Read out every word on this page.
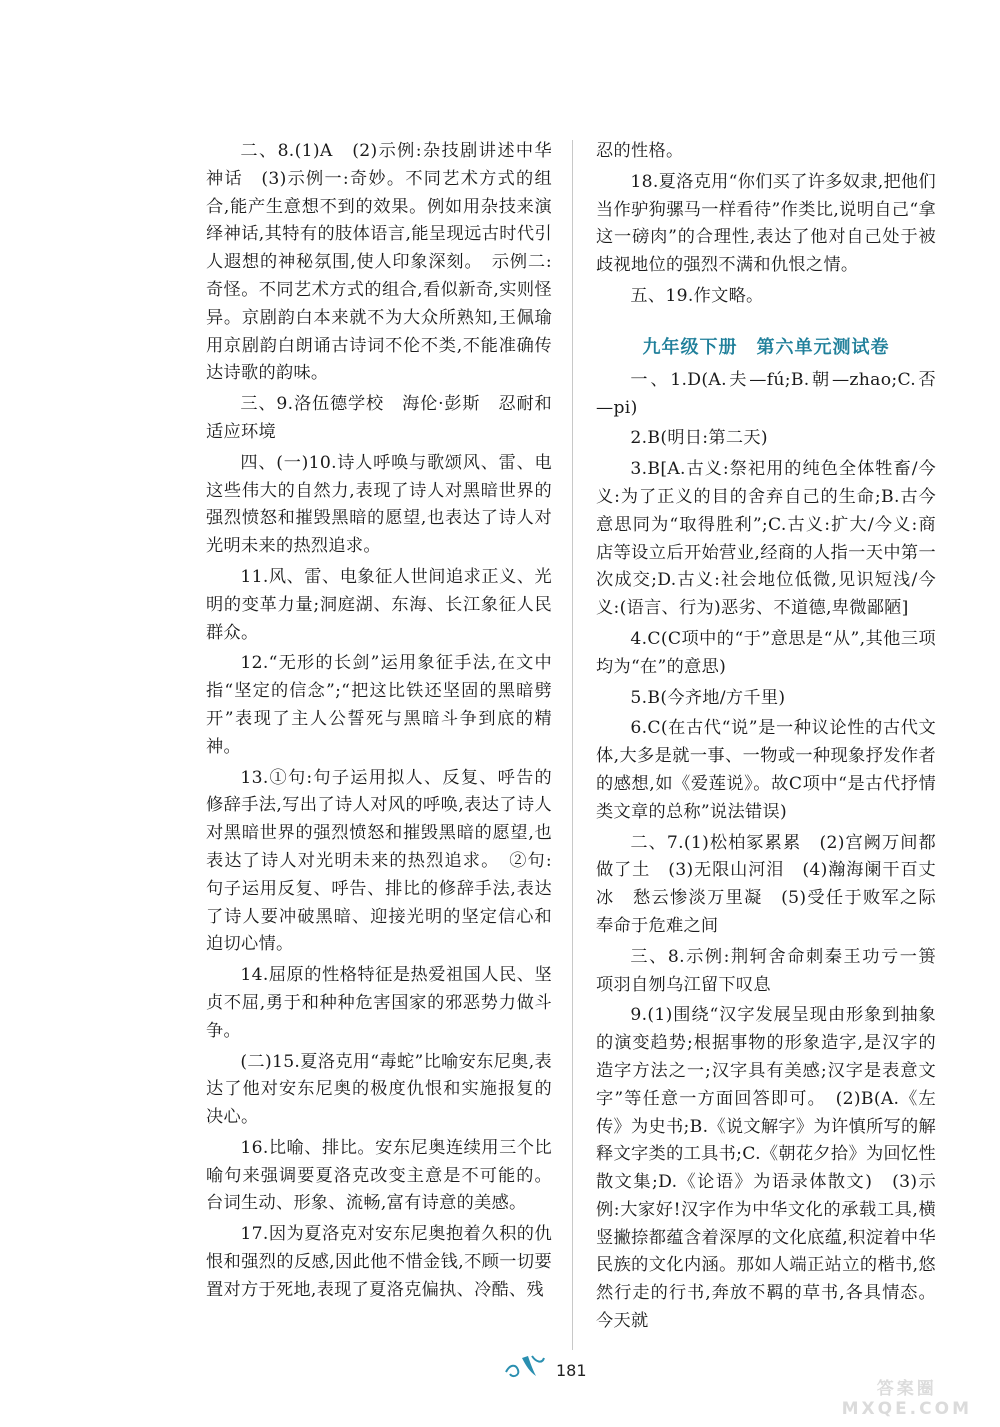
二、8.(1)A　(2)示例:杂技剧讲述中华神话　(3)示例一:奇妙。不同艺术方式的组合,能产生意想不到的效果。例如用杂技来演绎神话,其特有的肢体语言,能呈现远古时代引人遐想的神秘氛围,使人印象深刻。　示例二:奇怪。不同艺术方式的组合,看似新奇,实则怪异。京剧韵白本来就不为大众所熟知,王佩瑜用京剧韵白朗诵古诗词不伦不类,不能准确传达诗歌的韵味。

三、9.洛伍德学校　海伦·彭斯　忍耐和适应环境

四、(一)10.诗人呼唤与歌颂风、雷、电这些伟大的自然力,表现了诗人对黑暗世界的强烈愤怒和摧毁黑暗的愿望,也表达了诗人对光明未来的热烈追求。

11.风、雷、电象征人世间追求正义、光明的变革力量;洞庭湖、东海、长江象征人民群众。

12.“无形的长剑”运用象征手法,在文中指“坚定的信念”;“把这比铁还坚固的黑暗劈开”表现了主人公誓死与黑暗斗争到底的精神。

13.①句:句子运用拟人、反复、呼告的修辞手法,写出了诗人对风的呼唤,表达了诗人对黑暗世界的强烈愤怒和摧毁黑暗的愿望,也表达了诗人对光明未来的热烈追求。　②句:句子运用反复、呼告、排比的修辞手法,表达了诗人要冲破黑暗、迎接光明的坚定信心和迫切心情。

14.屈原的性格特征是热爱祖国人民、坚贞不屈,勇于和种种危害国家的邪恶势力做斗争。

(二)15.夏洛克用“毒蛇”比喻安东尼奥,表达了他对安东尼奥的极度仇恨和实施报复的决心。

16.比喻、排比。安东尼奥连续用三个比喻句来强调要夏洛克改变主意是不可能的。台词生动、形象、流畅,富有诗意的美感。

17.因为夏洛克对安东尼奥抱着久积的仇恨和强烈的反感,因此他不惜金钱,不顾一切要置对方于死地,表现了夏洛克偏执、冷酷、残

忍的性格。

18.夏洛克用“你们买了许多奴隶,把他们当作驴狗骡马一样看待”作类比,说明自己“拿这一磅肉”的合理性,表达了他对自己处于被歧视地位的强烈不满和仇恨之情。

五、19.作文略。

九年级下册　第六单元测试卷

一、1.D(A.夫—fú;B.朝—zhao;C.否—pi)

2.B(明日:第二天)

3.B[A.古义:祭祀用的纯色全体牲畜/今义:为了正义的目的舍弃自己的生命;B.古今意思同为“取得胜利”;C.古义:扩大/今义:商店等设立后开始营业,经商的人指一天中第一次成交;D.古义:社会地位低微,见识短浅/今义:(语言、行为)恶劣、不道德,卑微鄙陋]

4.C(C项中的“于”意思是“从”,其他三项均为“在”的意思)

5.B(今齐地/方千里)

6.C(在古代“说”是一种议论性的古代文体,大多是就一事、一物或一种现象抒发作者的感想,如《爱莲说》。故C项中“是古代抒情类文章的总称”说法错误)

二、7.(1)松柏冢累累　(2)宫阙万间都做了土　(3)无限山河泪　(4)瀚海阑干百丈冰　愁云惨淡万里凝　(5)受任于败军之际　奉命于危难之间

三、8.示例:荆轲舍命刺秦王功亏一篑　项羽自刎乌江留下叹息

9.(1)围绕“汉字发展呈现由形象到抽象的演变趋势;根据事物的形象造字,是汉字的造字方法之一;汉字具有美感;汉字是表意文字”等任意一方面回答即可。　(2)B(A.《左传》为史书;B.《说文解字》为许慎所写的解释文字类的工具书;C.《朝花夕拾》为回忆性散文集;D.《论语》为语录体散文)　(3)示例:大家好!汉字作为中华文化的承载工具,横竖撇捺都蕴含着深厚的文化底蕴,积淀着中华民族的文化内涵。那如人端正站立的楷书,悠然行走的行书,奔放不羁的草书,各具情态。今天就

181
答案圈
MXQE.COM
